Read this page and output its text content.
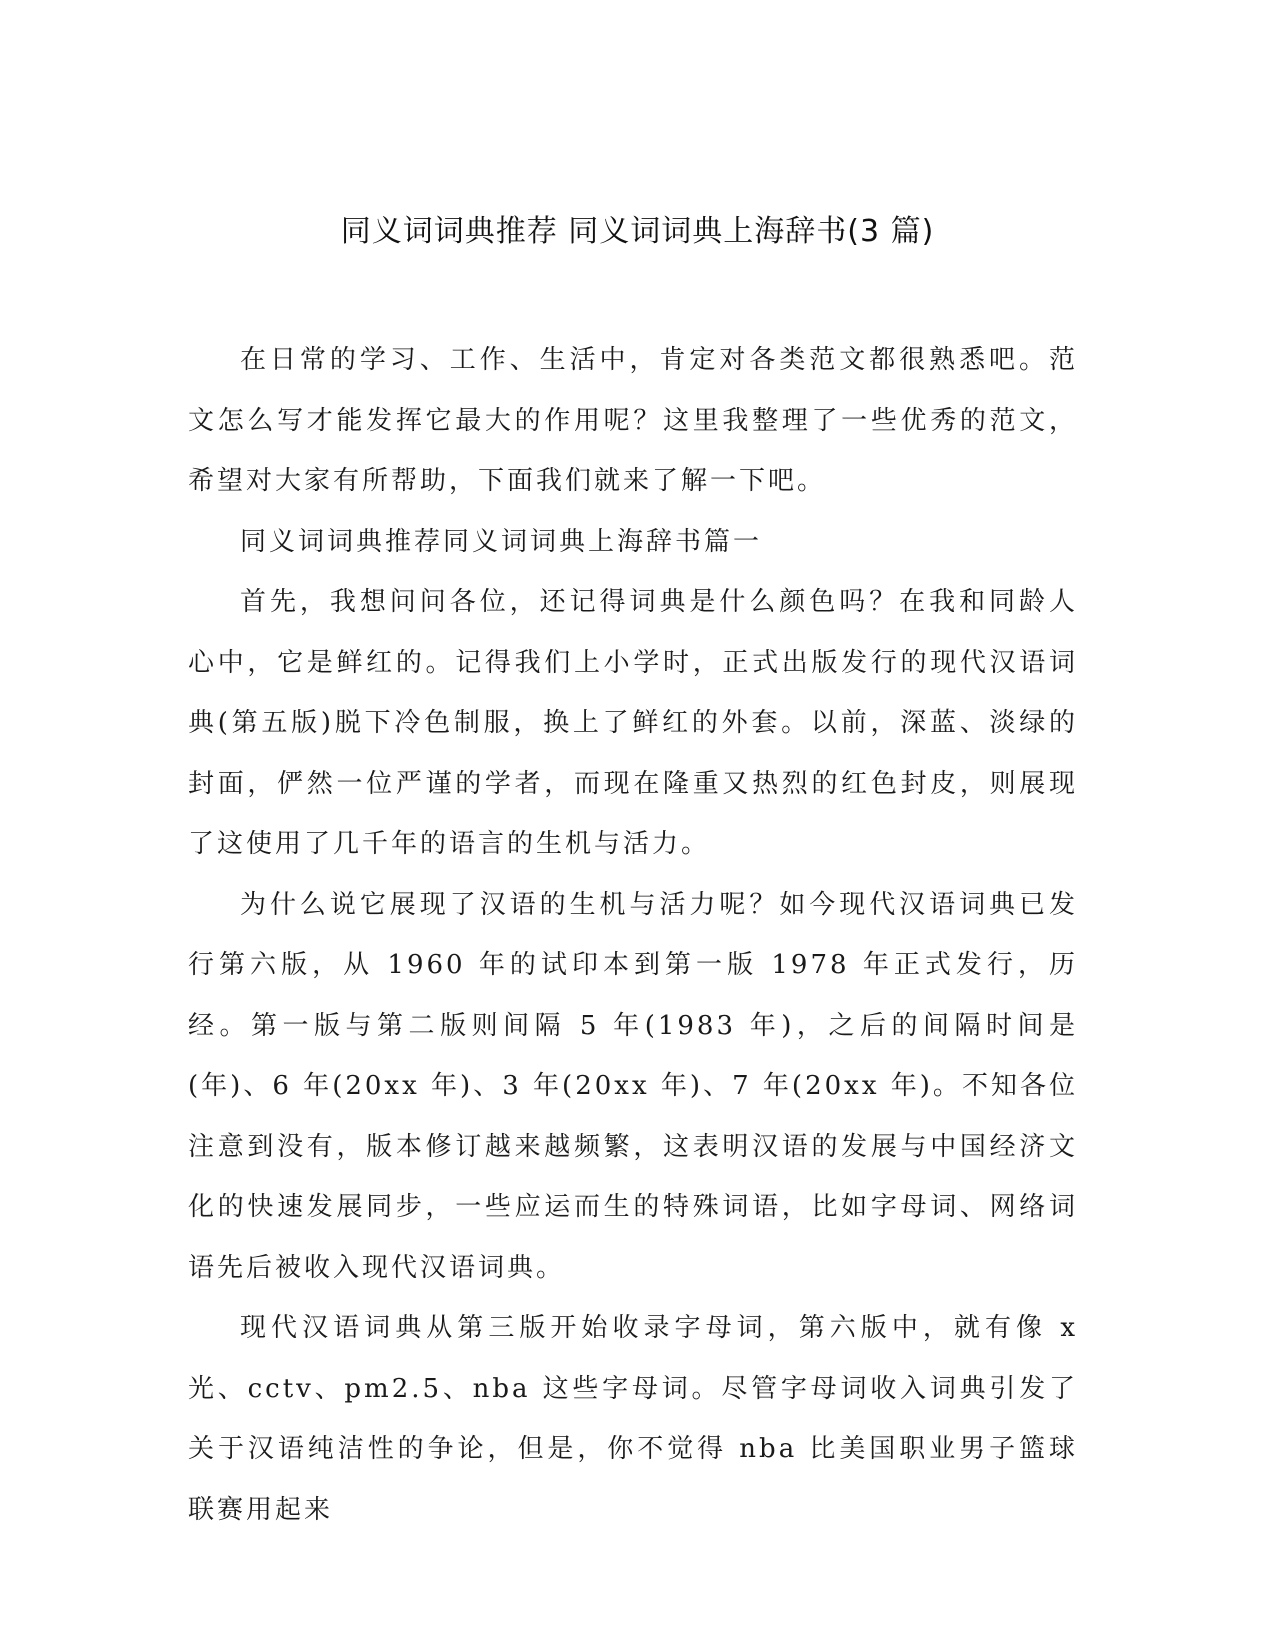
同义词词典推荐 同义词词典上海辞书(3 篇)

在日常的学习、工作、生活中，肯定对各类范文都很熟悉吧。范文怎么写才能发挥它最大的作用呢？这里我整理了一些优秀的范文，希望对大家有所帮助，下面我们就来了解一下吧。

同义词词典推荐同义词词典上海辞书篇一

首先，我想问问各位，还记得词典是什么颜色吗？在我和同龄人心中，它是鲜红的。记得我们上小学时，正式出版发行的现代汉语词典(第五版)脱下冷色制服，换上了鲜红的外套。以前，深蓝、淡绿的封面，俨然一位严谨的学者，而现在隆重又热烈的红色封皮，则展现了这使用了几千年的语言的生机与活力。

为什么说它展现了汉语的生机与活力呢？如今现代汉语词典已发行第六版，从 1960 年的试印本到第一版 1978 年正式发行，历经。第一版与第二版则间隔 5 年(1983 年)，之后的间隔时间是(年)、6 年(20xx 年)、3 年(20xx 年)、7 年(20xx 年)。不知各位注意到没有，版本修订越来越频繁，这表明汉语的发展与中国经济文化的快速发展同步，一些应运而生的特殊词语，比如字母词、网络词语先后被收入现代汉语词典。

现代汉语词典从第三版开始收录字母词，第六版中，就有像 x 光、cctv、pm2.5、nba 这些字母词。尽管字母词收入词典引发了关于汉语纯洁性的争论，但是，你不觉得 nba 比美国职业男子篮球联赛用起来
